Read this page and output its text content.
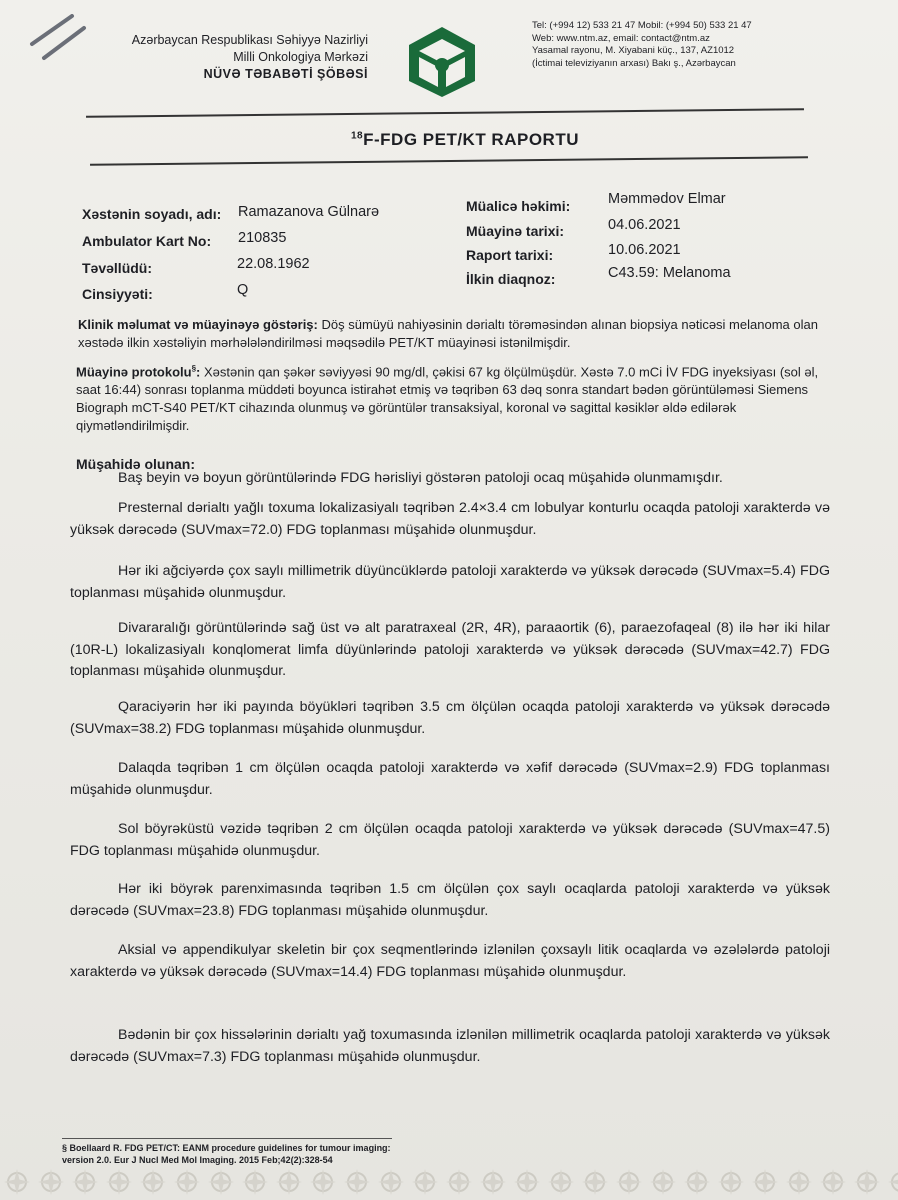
Azərbaycan Respublikası Səhiyyə Nazirliyi
Milli Onkologiya Mərkəzi
NÜVƏ TƏBABƏTİ ŞÖBƏSİ
Tel: (+994 12) 533 21 47 Mobil: (+994 50) 533 21 47
Web: www.ntm.az, email: contact@ntm.az
Yasamal rayonu, M. Xiyabani küç., 137, AZ1012
(İctimai televiziyanın arxası) Bakı ş., Azərbaycan
$^{18}$F-FDG PET/KT RAPORTU
Xəstənin soyadı, adı: Ramazanova Gülnarə
Ambulator Kart No: 210835
Təvəllüdü:	22.08.1962
Cinsiyyəti:	Q
Müalicə həkimi:	Məmmədov Elmar
Müayinə tarixi:	04.06.2021
Raport tarixi:	10.06.2021
İlkin diaqnoz:	C43.59: Melanoma
Klinik məlumat və müayinəyə göstəriş: Döş sümüyü nahiyəsinin dərialtı törəməsindən alınan biopsiya nəticəsi melanoma olan xəstədə ilkin xəstəliyin mərhələləndirilməsi məqsədilə PET/KT müayinəsi istənilmişdir.
Müayinə protokolu§: Xəstənin qan şəkər səviyyəsi 90 mg/dl, çəkisi 67 kg ölçülmüşdür. Xəstə 7.0 mCi İV FDG inyeksiyası (sol əl, saat 16:44) sonrası toplanma müddəti boyunca istirahət etmiş və təqribən 63 dəq sonra standart bədən görüntüləməsi Siemens Biograph mCT-S40 PET/KT cihazında olunmuş və görüntülər transaksiyal, koronal və sagittal kəsiklər əldə edilərək qiymətləndirilmişdir.
Müşahidə olunan:
Baş beyin və boyun görüntülərində FDG hərisliyi göstərən patoloji ocaq müşahidə olunmamışdır.
Presternal dərialtı yağlı toxuma lokalizasiyalı təqribən 2.4×3.4 cm lobulyar konturlu ocaqda patoloji xarakterdə və yüksək dərəcədə (SUVmax=72.0) FDG toplanması müşahidə olunmuşdur.
Hər iki ağciyərdə çox saylı millimetrik düyüncüklərdə patoloji xarakterdə və yüksək dərəcədə (SUVmax=5.4) FDG toplanması müşahidə olunmuşdur.
Divararalığı görüntülərində sağ üst və alt paratraxeal (2R, 4R), paraaortik (6), paraezofaqeal (8) ilə hər iki hilar (10R-L) lokalizasiyalı konqlomerat limfa düyünlərində patoloji xarakterdə və yüksək dərəcədə (SUVmax=42.7) FDG toplanması müşahidə olunmuşdur.
Qaraciyərin hər iki payında böyükləri təqribən 3.5 cm ölçülən ocaqda patoloji xarakterdə və yüksək dərəcədə (SUVmax=38.2) FDG toplanması müşahidə olunmuşdur.
Dalaqda təqribən 1 cm ölçülən ocaqda patoloji xarakterdə və xəfif dərəcədə (SUVmax=2.9) FDG toplanması müşahidə olunmuşdur.
Sol böyrəküstü vəzidə təqribən 2 cm ölçülən ocaqda patoloji xarakterdə və yüksək dərəcədə (SUVmax=47.5) FDG toplanması müşahidə olunmuşdur.
Hər iki böyrək parenximasında təqribən 1.5 cm ölçülən çox saylı ocaqlarda patoloji xarakterdə və yüksək dərəcədə (SUVmax=23.8) FDG toplanması müşahidə olunmuşdur.
Aksial və appendikulyar skeletin bir çox seqmentlərində izlənilən çoxsaylı litik ocaqlarda və əzələlərdə patoloji xarakterdə və yüksək dərəcədə (SUVmax=14.4) FDG toplanması müşahidə olunmuşdur.
Bədənin bir çox hissələrinin dərialtı yağ toxumasında izlənilən millimetrik ocaqlarda patoloji xarakterdə və yüksək dərəcədə (SUVmax=7.3) FDG toplanması müşahidə olunmuşdur.
§ Boellaard R. FDG PET/CT: EANM procedure guidelines for tumour imaging:
version 2.0. Eur J Nucl Med Mol Imaging. 2015 Feb;42(2):328-54
